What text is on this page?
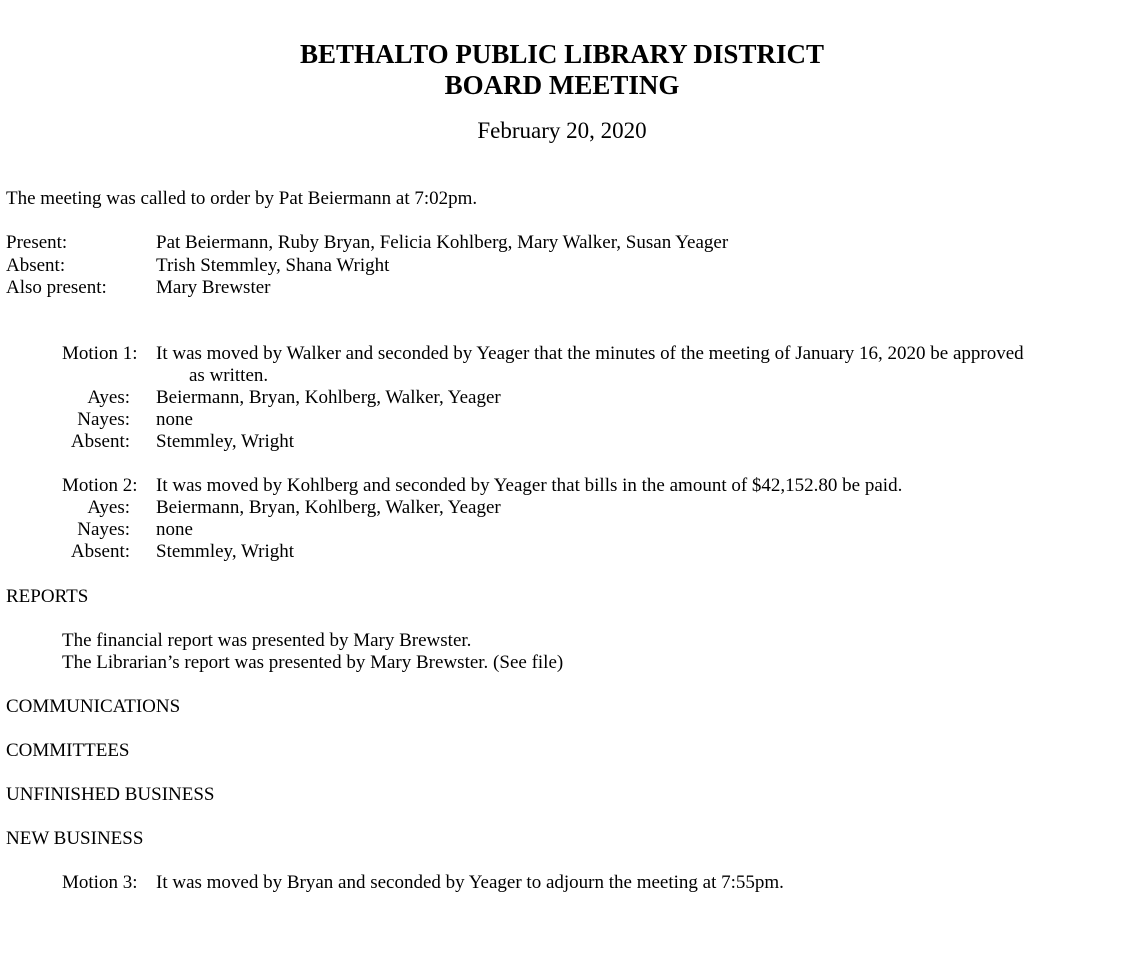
BETHALTO PUBLIC LIBRARY DISTRICT
BOARD MEETING
February 20, 2020
The meeting was called to order by Pat Beiermann at 7:02pm.
Present:	Pat Beiermann, Ruby Bryan, Felicia Kohlberg, Mary Walker, Susan Yeager
Absent:	Trish Stemmley, Shana Wright
Also present:	Mary Brewster
Motion 1: It was moved by Walker and seconded by Yeager that the minutes of the meeting of January 16, 2020 be approved
as written.
Ayes: Beiermann, Bryan, Kohlberg, Walker, Yeager
Nayes: none
Absent: Stemmley, Wright
Motion 2: It was moved by Kohlberg and seconded by Yeager that bills in the amount of $42,152.80 be paid.
Ayes: Beiermann, Bryan, Kohlberg, Walker, Yeager
Nayes: none
Absent: Stemmley, Wright
REPORTS
The financial report was presented by Mary Brewster.
The Librarian’s report was presented by Mary Brewster. (See file)
COMMUNICATIONS
COMMITTEES
UNFINISHED BUSINESS
NEW BUSINESS
Motion 3: It was moved by Bryan and seconded by Yeager to adjourn the meeting at 7:55pm.
